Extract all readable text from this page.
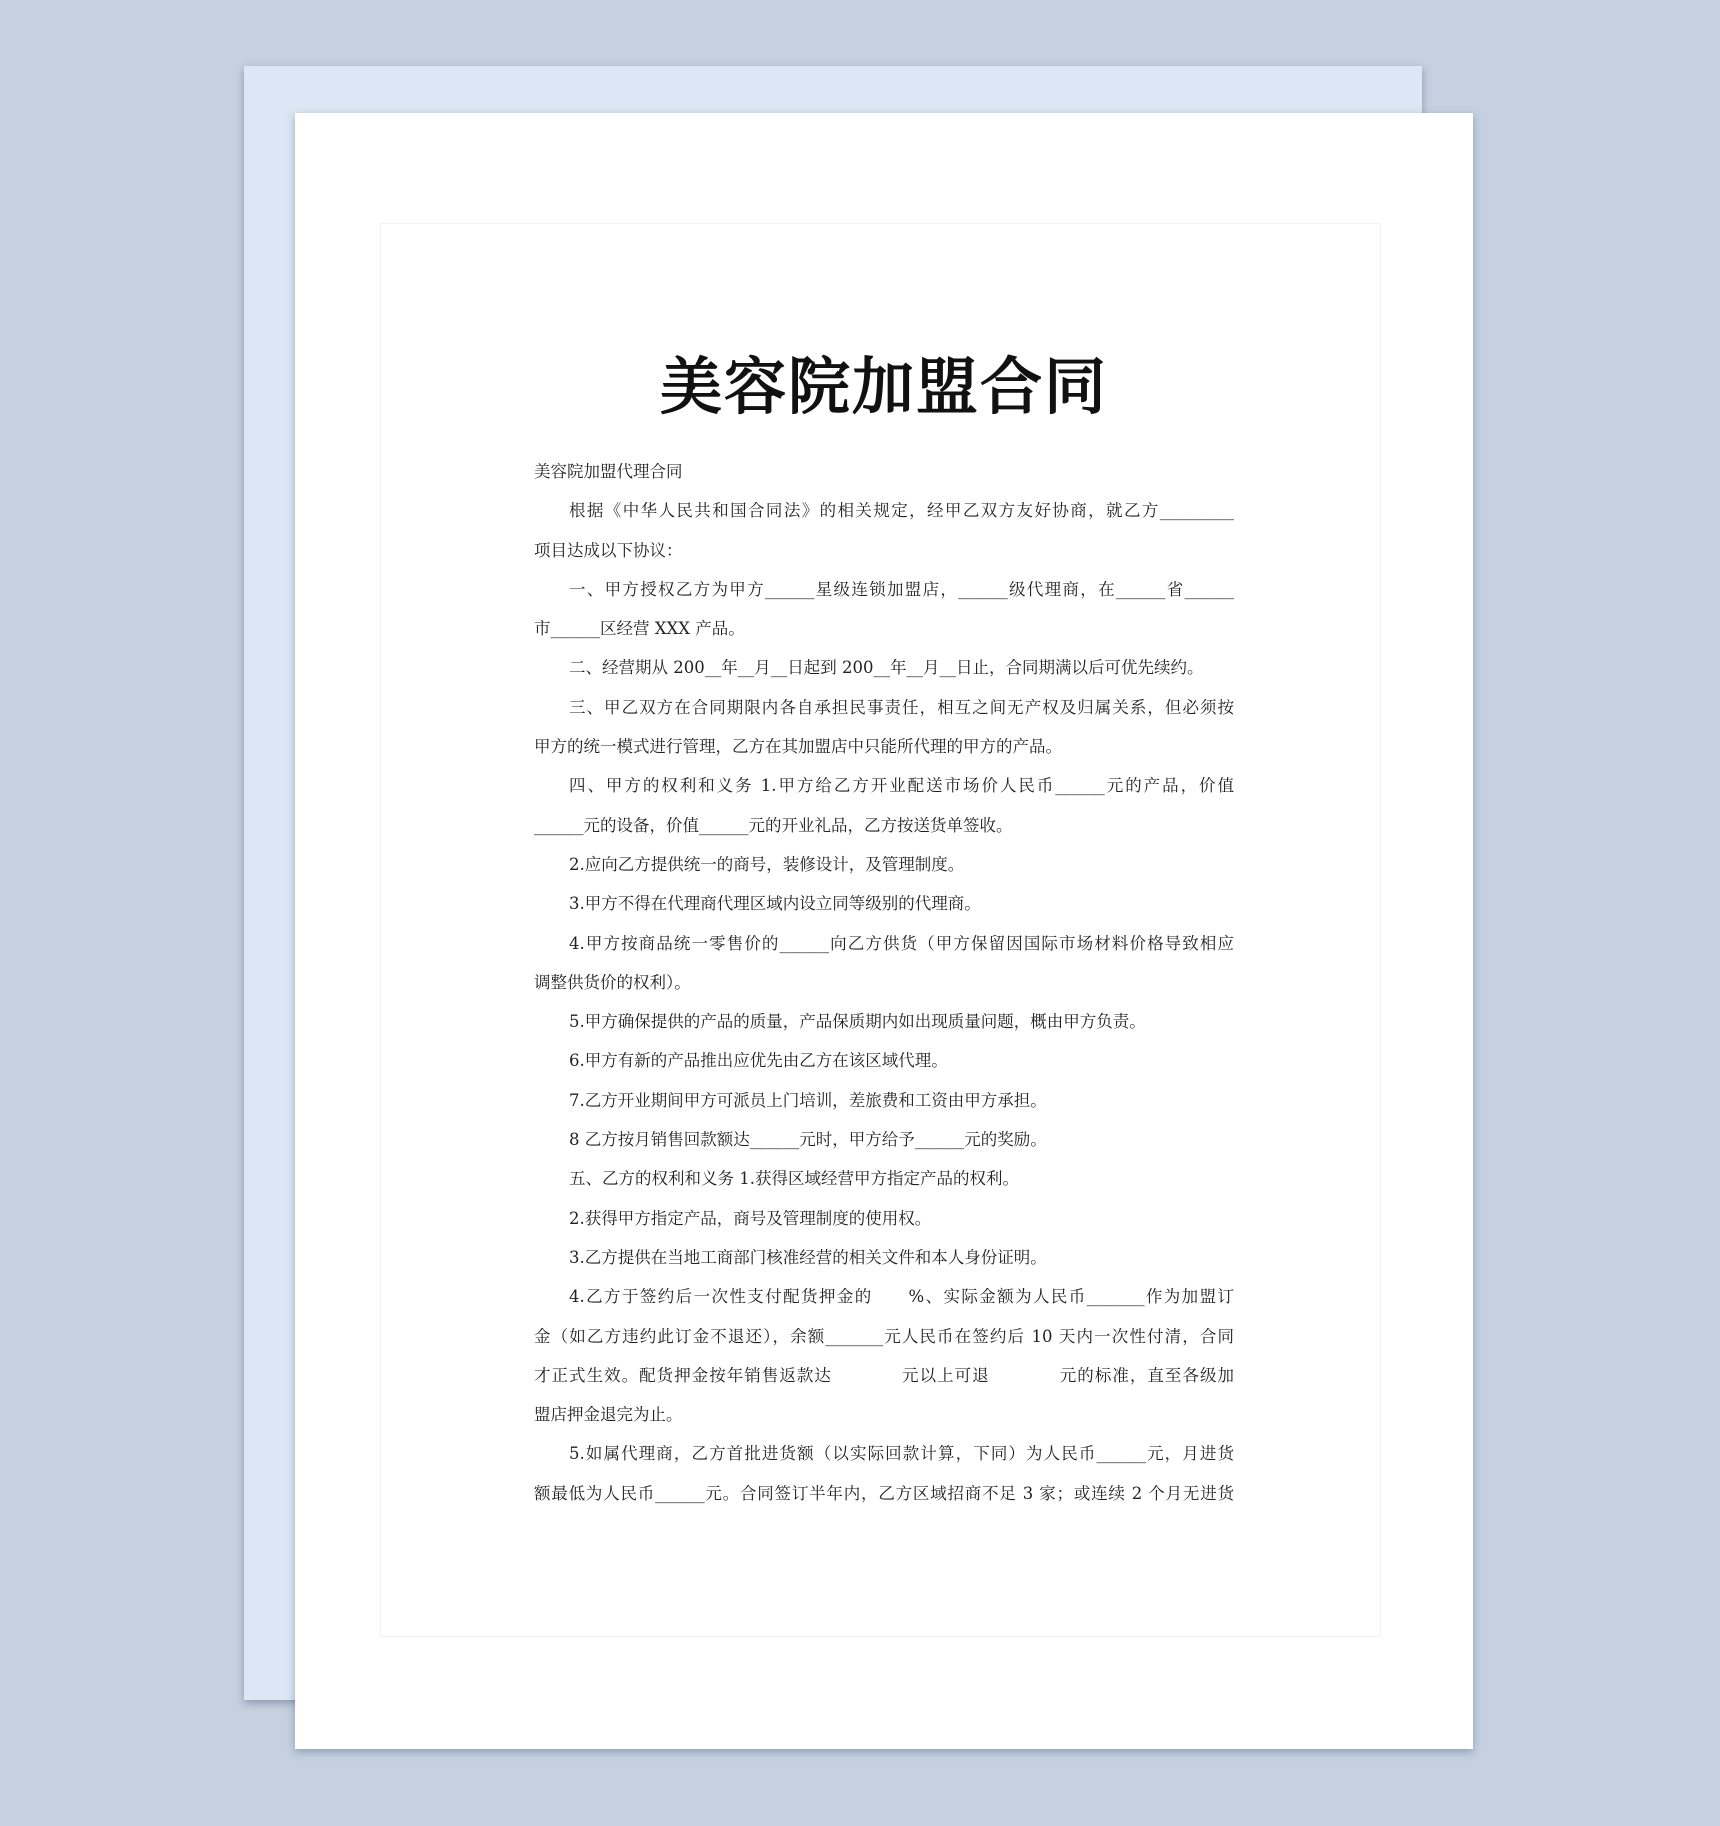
美容院加盟合同

美容院加盟代理合同

根据《中华人民共和国合同法》的相关规定，经甲乙双方友好协商，就乙方_________

项目达成以下协议：

一、甲方授权乙方为甲方______星级连锁加盟店，______级代理商，在______省______

市______区经营 XXX 产品。

二、经营期从 200__年__月__日起到 200__年__月__日止，合同期满以后可优先续约。

三、甲乙双方在合同期限内各自承担民事责任，相互之间无产权及归属关系，但必须按

甲方的统一模式进行管理，乙方在其加盟店中只能所代理的甲方的产品。

四、甲方的权利和义务 1.甲方给乙方开业配送市场价人民币______元的产品，价值

______元的设备，价值______元的开业礼品，乙方按送货单签收。

2.应向乙方提供统一的商号，装修设计，及管理制度。

3.甲方不得在代理商代理区域内设立同等级别的代理商。

4.甲方按商品统一零售价的______向乙方供货（甲方保留因国际市场材料价格导致相应

调整供货价的权利）。

5.甲方确保提供的产品的质量，产品保质期内如出现质量问题，概由甲方负责。

6.甲方有新的产品推出应优先由乙方在该区域代理。

7.乙方开业期间甲方可派员上门培训，差旅费和工资由甲方承担。

8 乙方按月销售回款额达______元时，甲方给予______元的奖励。

五、乙方的权利和义务 1.获得区域经营甲方指定产品的权利。

2.获得甲方指定产品，商号及管理制度的使用权。

3.乙方提供在当地工商部门核准经营的相关文件和本人身份证明。

4.乙方于签约后一次性支付配货押金的　　%、实际金额为人民币_______作为加盟订

金（如乙方违约此订金不退还），余额_______元人民币在签约后 10 天内一次性付清，合同

才正式生效。配货押金按年销售返款达　　　　元以上可退　　　　元的标准，直至各级加

盟店押金退完为止。

5.如属代理商，乙方首批进货额（以实际回款计算，下同）为人民币______元，月进货

额最低为人民币______元。合同签订半年内，乙方区域招商不足 3 家；或连续 2 个月无进货
